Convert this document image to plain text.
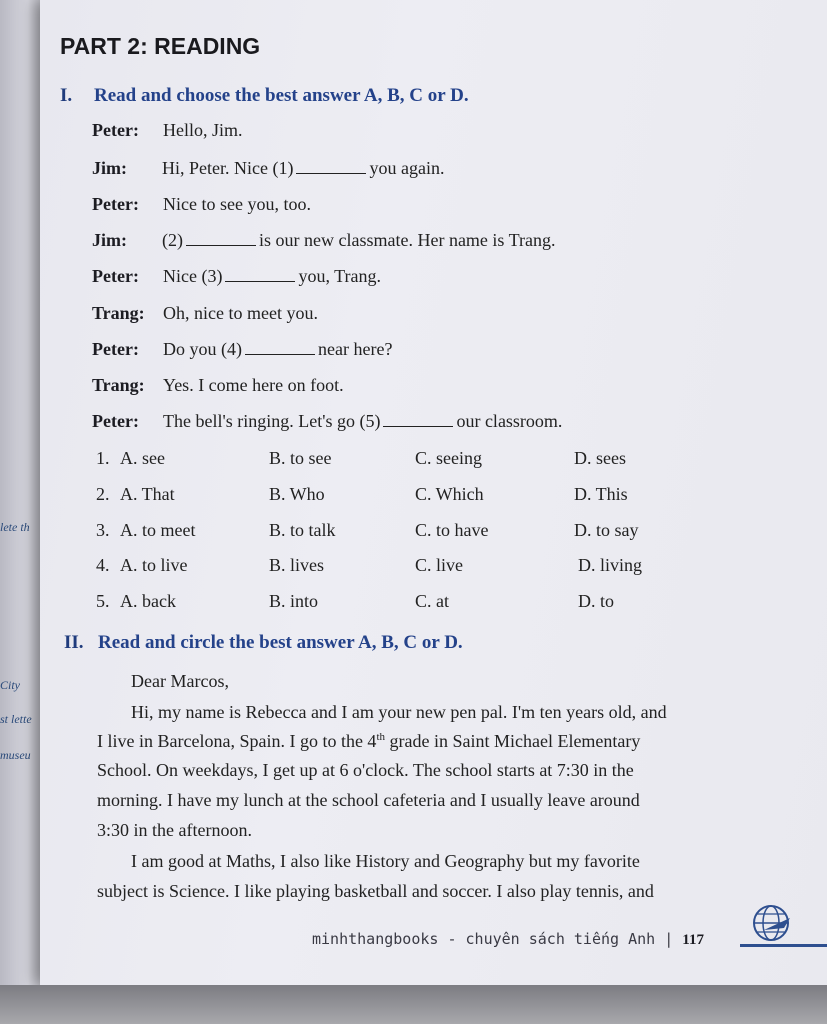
lete th
City
st lette
museu
PART 2: READING
I. Read and choose the best answer A, B, C or D.
Peter: Hello, Jim.
Jim: Hi, Peter. Nice (1)	you again.
Peter: Nice to see you, too.
Jim: (2)	is our new classmate. Her name is Trang.
Peter: Nice (3)	you, Trang.
Trang: Oh, nice to meet you.
Peter: Do you (4)	near here?
Trang: Yes. I come here on foot.
Peter: The bell's ringing. Let's go (5)	our classroom.
1. A. see	B. to see	C. seeing	D. sees
2. A. That	B. Who	C. Which	D. This
3. A. to meet	B. to talk	C. to have	D. to say
4. A. to live	B. lives	C. live	D. living
5. A. back	B. into	C. at	D. to
II. Read and circle the best answer A, B, C or D.
Dear Marcos,
Hi, my name is Rebecca and I am your new pen pal. I'm ten years old, and
I live in Barcelona, Spain. I go to the 4th grade in Saint Michael Elementary
School. On weekdays, I get up at 6 o'clock. The school starts at 7:30 in the
morning. I have my lunch at the school cafeteria and I usually leave around
3:30 in the afternoon.
I am good at Maths, I also like History and Geography but my favorite
subject is Science. I like playing basketball and soccer. I also play tennis, and
minhthangbooks - chuyên sách tiếng Anh | 117
